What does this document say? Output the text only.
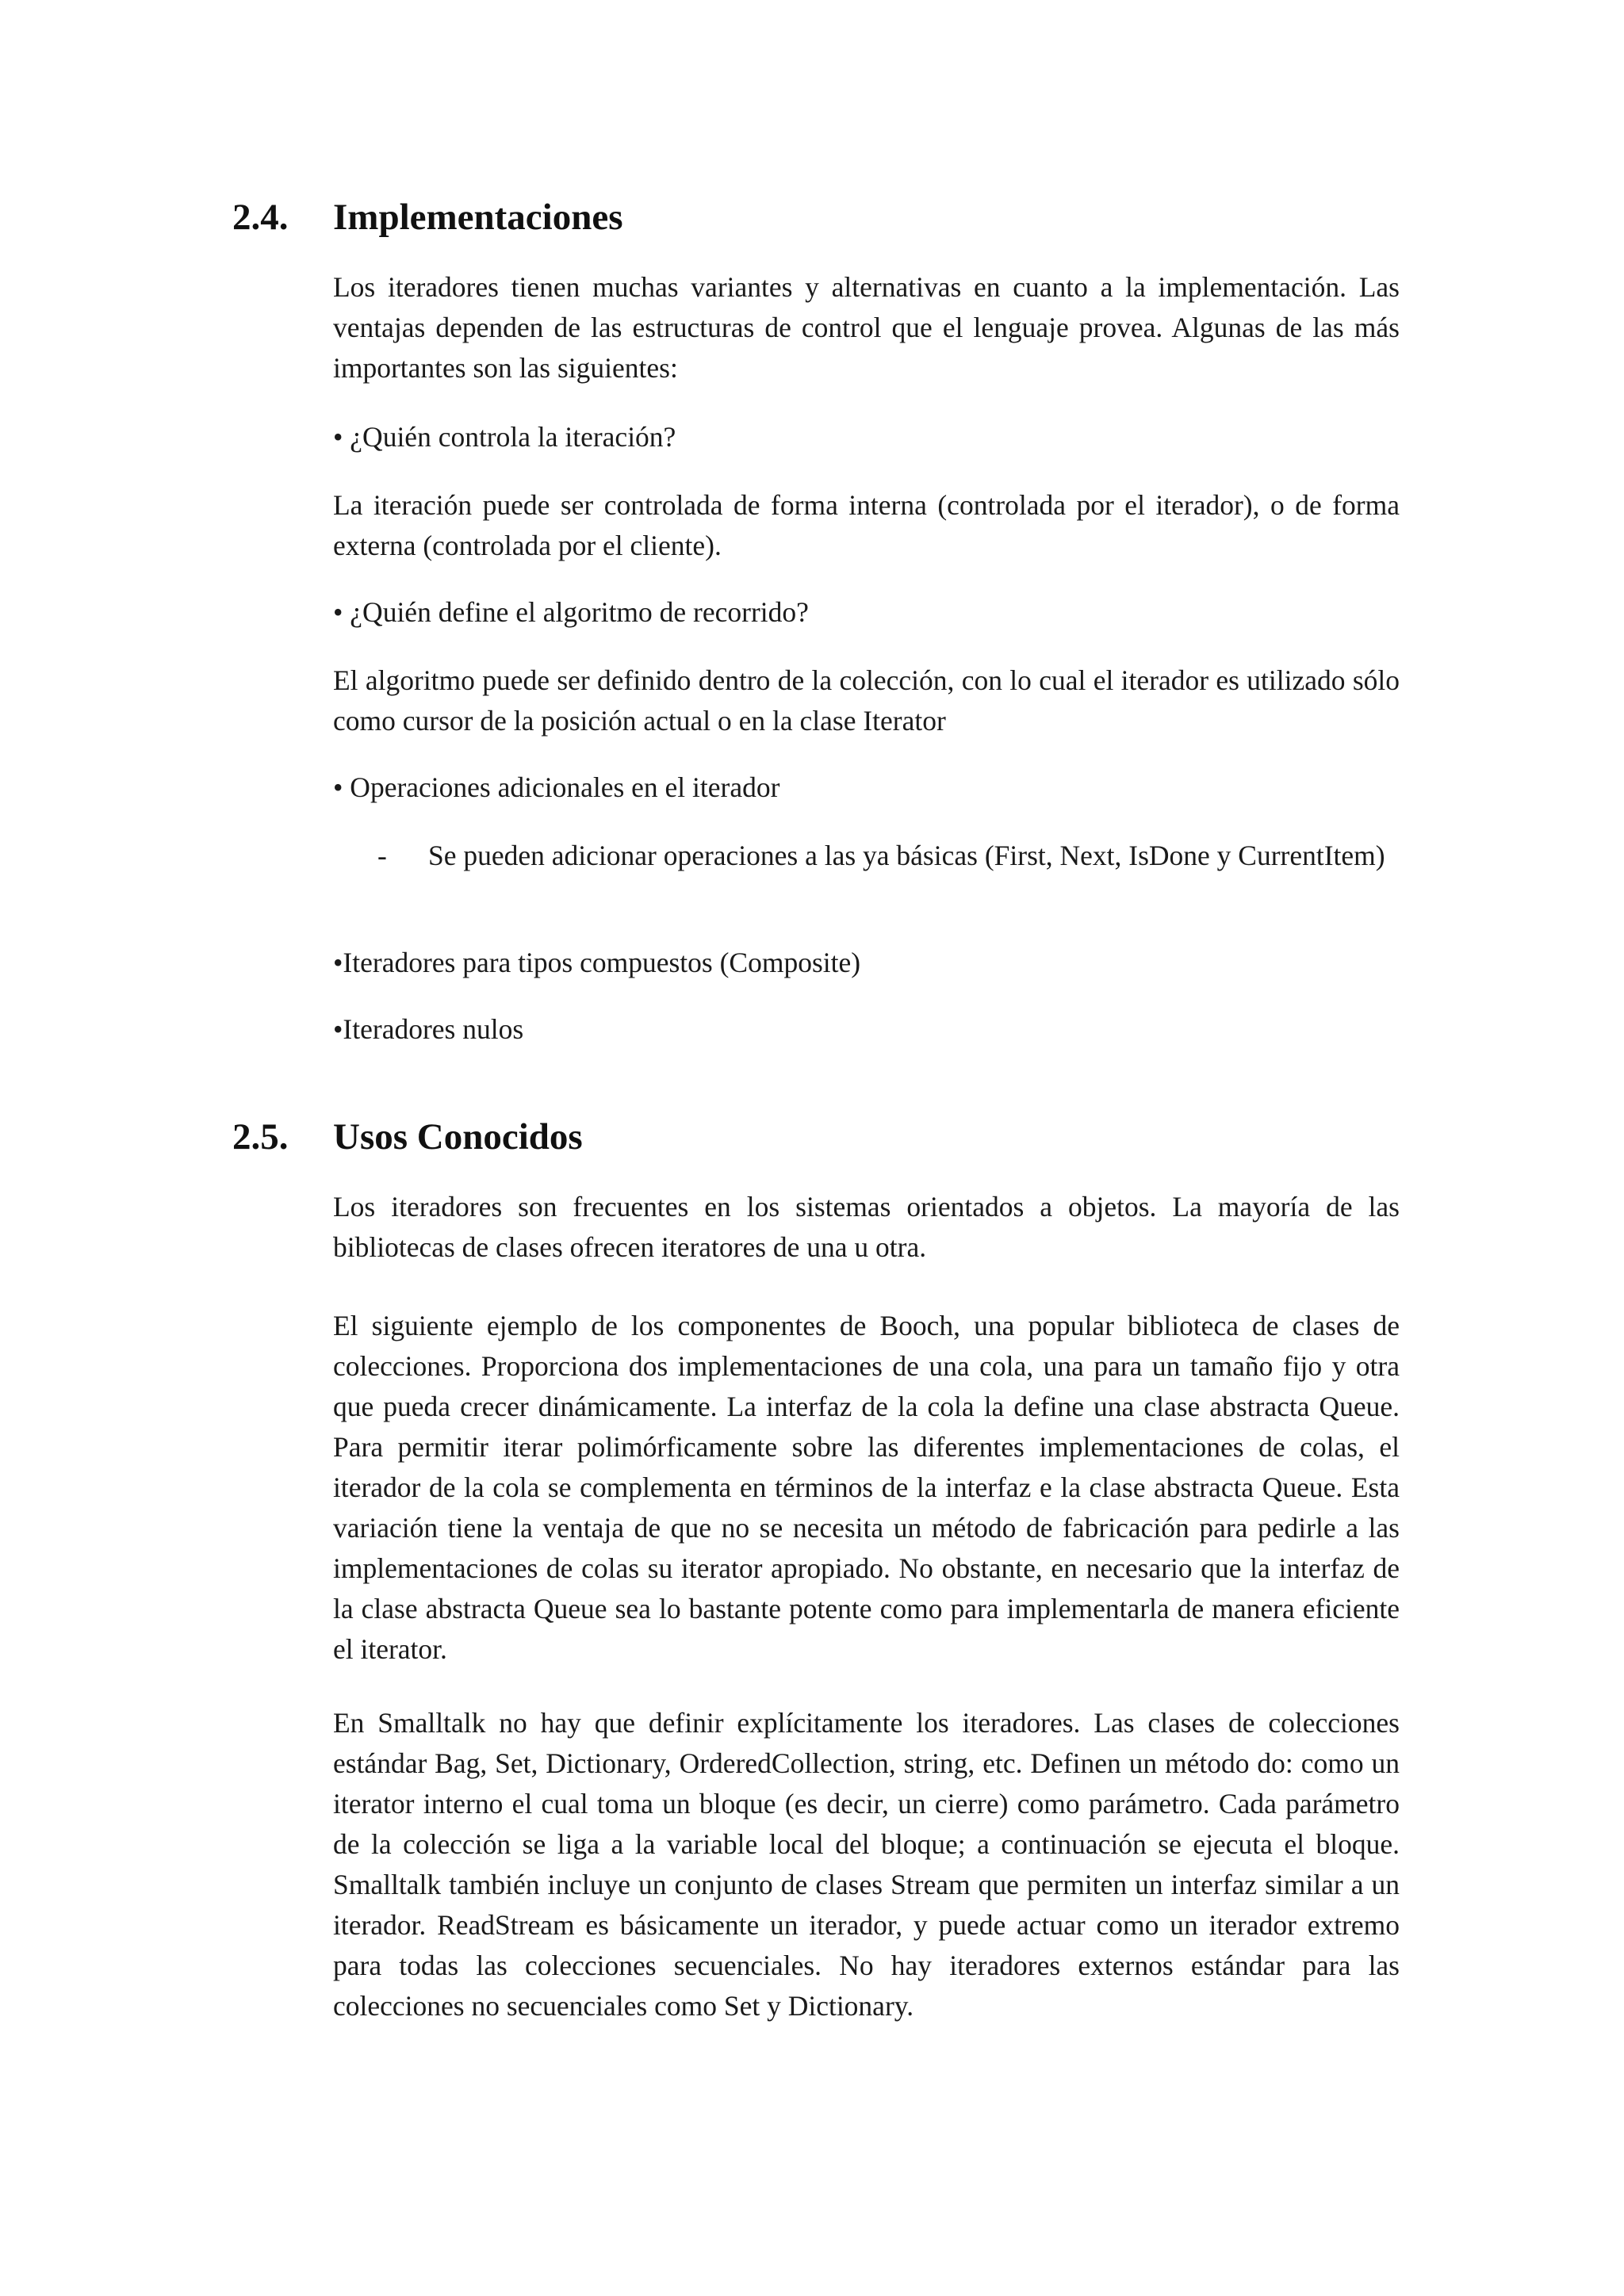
2.4. Implementaciones
Los iteradores tienen muchas variantes y alternativas en cuanto a la implementación. Las ventajas dependen de las estructuras de control que el lenguaje provea. Algunas de las más importantes son las siguientes:
• ¿Quién controla la iteración?
La iteración puede ser controlada de forma interna (controlada por el iterador), o de forma externa (controlada por el cliente).
• ¿Quién define el algoritmo de recorrido?
El algoritmo puede ser definido dentro de la colección, con lo cual el iterador es utilizado sólo como cursor de la posición actual o en la clase Iterator
• Operaciones adicionales en el iterador
- Se pueden adicionar operaciones a las ya básicas (First, Next, IsDone y CurrentItem)
•Iteradores para tipos compuestos (Composite)
•Iteradores nulos
2.5. Usos Conocidos
Los iteradores son frecuentes en los sistemas orientados a objetos. La mayoría de las bibliotecas de clases ofrecen iteratores de una u otra.
El siguiente ejemplo de los componentes de Booch, una popular biblioteca de clases de colecciones. Proporciona dos implementaciones de una cola, una para un tamaño fijo y otra que pueda crecer dinámicamente. La interfaz de la cola la define una clase abstracta Queue. Para permitir iterar polimórficamente sobre las diferentes implementaciones de colas, el iterador de la cola se complementa en términos de la interfaz e la clase abstracta Queue. Esta variación tiene la ventaja de que no se necesita un método de fabricación para pedirle a las implementaciones de colas su iterator apropiado. No obstante, en necesario que la interfaz de la clase abstracta Queue sea lo bastante potente como para implementarla de manera eficiente el iterator.
En Smalltalk no hay que definir explícitamente los iteradores. Las clases de colecciones estándar Bag, Set, Dictionary, OrderedCollection, string, etc. Definen un método do: como un iterator interno el cual toma un bloque (es decir, un cierre) como parámetro. Cada parámetro de la colección se liga a la variable local del bloque; a continuación se ejecuta el bloque. Smalltalk también incluye un conjunto de clases Stream que permiten un interfaz similar a un iterador. ReadStream es básicamente un iterador, y puede actuar como un iterador extremo para todas las colecciones secuenciales. No hay iteradores externos estándar para las colecciones no secuenciales como Set y Dictionary.
